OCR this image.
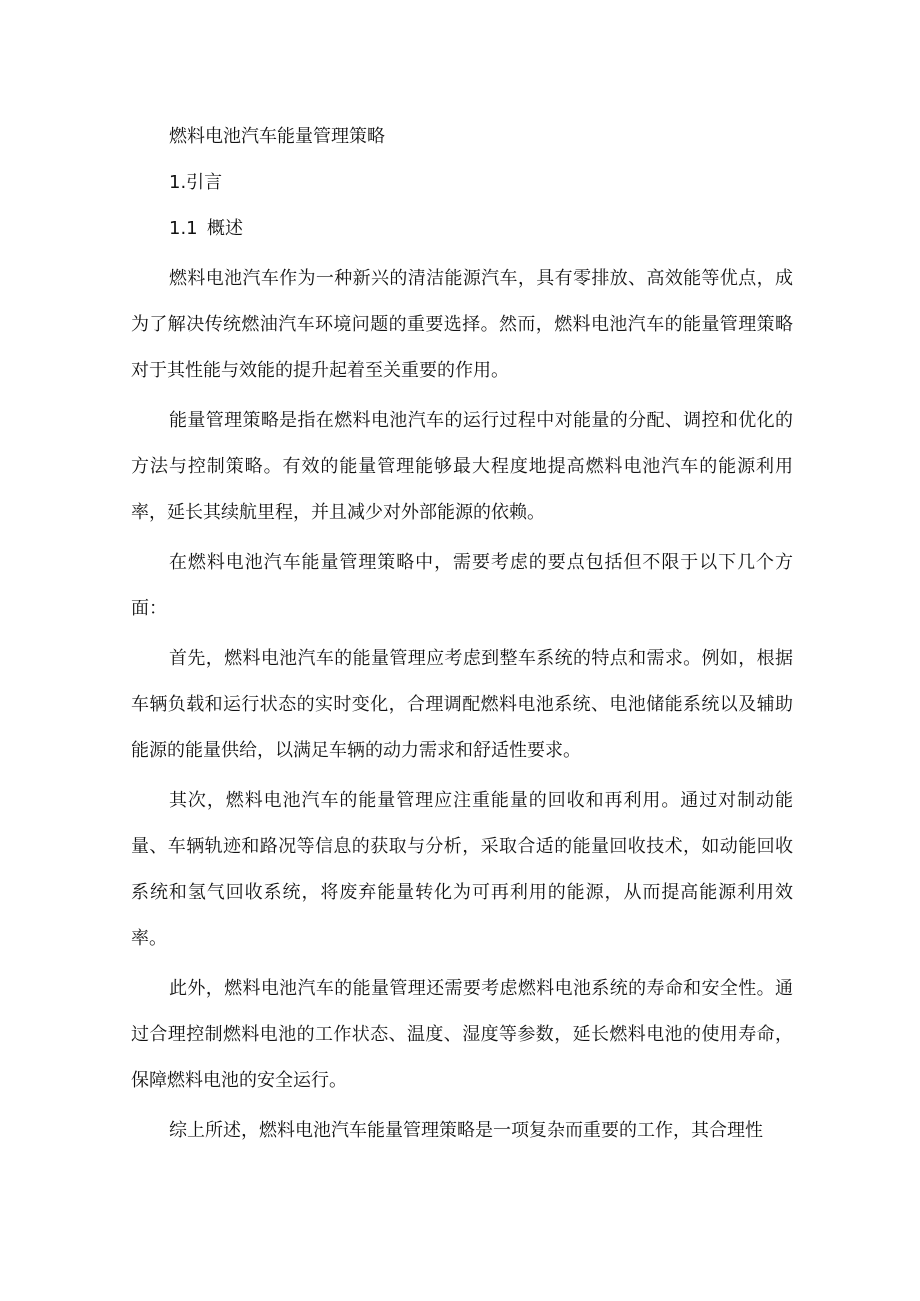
燃料电池汽车能量管理策略

1.引言

1.1 概述

燃料电池汽车作为一种新兴的清洁能源汽车，具有零排放、高效能等优点，成为了解决传统燃油汽车环境问题的重要选择。然而，燃料电池汽车的能量管理策略对于其性能与效能的提升起着至关重要的作用。

能量管理策略是指在燃料电池汽车的运行过程中对能量的分配、调控和优化的方法与控制策略。有效的能量管理能够最大程度地提高燃料电池汽车的能源利用率，延长其续航里程，并且减少对外部能源的依赖。

在燃料电池汽车能量管理策略中，需要考虑的要点包括但不限于以下几个方面：

首先，燃料电池汽车的能量管理应考虑到整车系统的特点和需求。例如，根据车辆负载和运行状态的实时变化，合理调配燃料电池系统、电池储能系统以及辅助能源的能量供给，以满足车辆的动力需求和舒适性要求。

其次，燃料电池汽车的能量管理应注重能量的回收和再利用。通过对制动能量、车辆轨迹和路况等信息的获取与分析，采取合适的能量回收技术，如动能回收系统和氢气回收系统，将废弃能量转化为可再利用的能源，从而提高能源利用效率。

此外，燃料电池汽车的能量管理还需要考虑燃料电池系统的寿命和安全性。通过合理控制燃料电池的工作状态、温度、湿度等参数，延长燃料电池的使用寿命，保障燃料电池的安全运行。

综上所述，燃料电池汽车能量管理策略是一项复杂而重要的工作，其合理性
